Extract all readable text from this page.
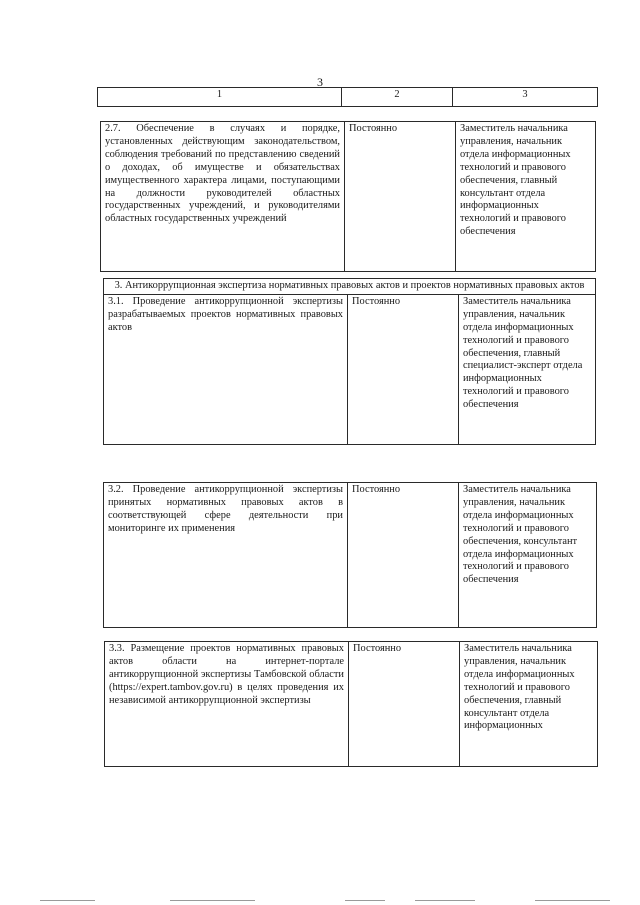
3
1	2	3
2.7. Обеспечение в случаях и порядке, установленных действующим законодательством, соблюдения требований по представлению сведений о доходах, об имуществе и обязательствах имущественного характера лицами, поступающими на должности руководителей областных государственных учреждений, и руководителями областных государственных учреждений	Постоянно	Заместитель начальника управления, начальник отдела информационных технологий и правового обеспечения, главный консультант отдела информационных технологий и правового обеспечения
3. Антикоррупционная экспертиза нормативных правовых актов и проектов нормативных правовых актов
3.1. Проведение антикоррупционной экспертизы разрабатываемых проектов нормативных правовых актов	Постоянно	Заместитель начальника управления, начальник отдела информационных технологий и правового обеспечения, главный специалист-эксперт отдела информационных технологий и правового обеспечения
3.2. Проведение антикоррупционной экспертизы принятых нормативных правовых актов в соответствующей сфере деятельности при мониторинге их применения	Постоянно	Заместитель начальника управления, начальник отдела информационных технологий и правового обеспечения, консультант отдела информационных технологий и правового обеспечения
3.3. Размещение проектов нормативных правовых актов области на интернет-портале антикоррупционной экспертизы Тамбовской области (https://expert.tambov.gov.ru) в целях проведения их независимой антикоррупционной экспертизы	Постоянно	Заместитель начальника управления, начальник отдела информационных технологий и правового обеспечения, главный консультант отдела информационных
